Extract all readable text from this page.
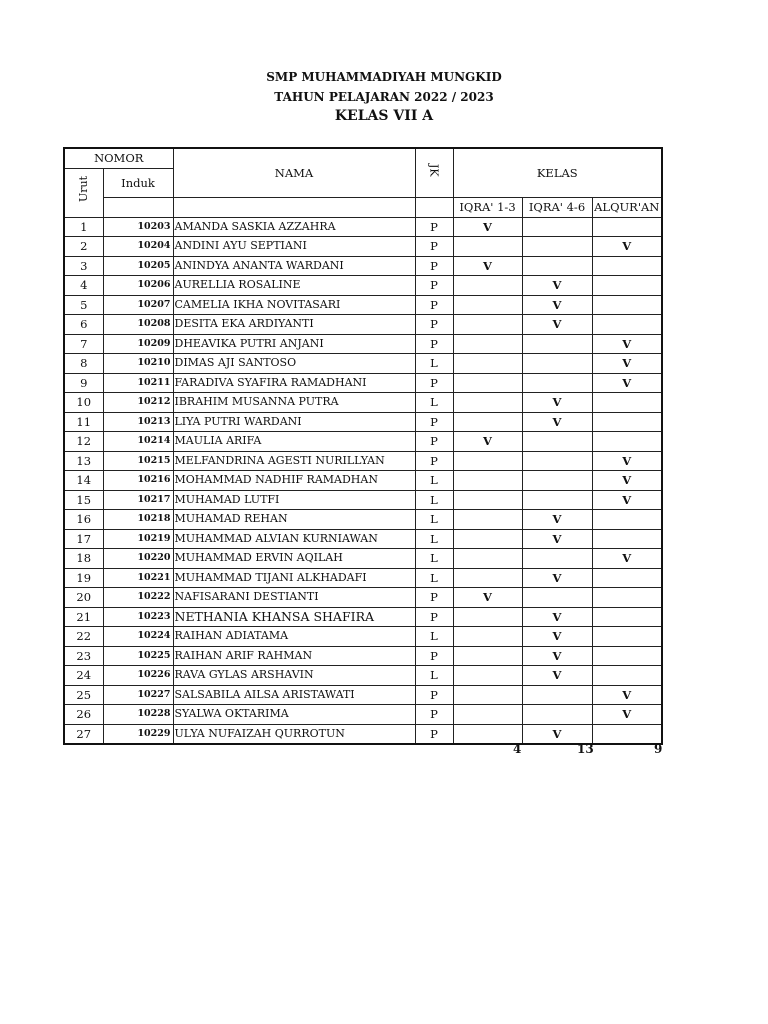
SMP MUHAMMADIYAH MUNGKID
TAHUN PELAJARAN 2022 / 2023
KELAS VII A
NOMOR		NAMA	JK	KELAS		
Urut	Induk					
				IQRA' 1-3	IQRA' 4-6	ALQUR'AN
1	10203	AMANDA SASKIA AZZAHRA	P	V		
2	10204	ANDINI AYU SEPTIANI	P			V
3	10205	ANINDYA ANANTA WARDANI	P	V		
4	10206	AURELLIA ROSALINE	P		V	
5	10207	CAMELIA IKHA NOVITASARI	P		V	
6	10208	DESITA EKA ARDIYANTI	P		V	
7	10209	DHEAVIKA PUTRI ANJANI	P			V
8	10210	DIMAS AJI SANTOSO	L			V
9	10211	FARADIVA SYAFIRA RAMADHANI	P			V
10	10212	IBRAHIM MUSANNA PUTRA	L		V	
11	10213	LIYA PUTRI WARDANI	P		V	
12	10214	MAULIA ARIFA	P	V		
13	10215	MELFANDRINA AGESTI NURILLYAN	P			V
14	10216	MOHAMMAD NADHIF RAMADHAN	L			V
15	10217	MUHAMAD LUTFI	L			V
16	10218	MUHAMAD REHAN	L		V	
17	10219	MUHAMMAD ALVIAN KURNIAWAN	L		V	
18	10220	MUHAMMAD ERVIN AQILAH	L			V
19	10221	MUHAMMAD TIJANI ALKHADAFI	L		V	
20	10222	NAFISARANI DESTIANTI	P	V		
21	10223	NETHANIA KHANSA SHAFIRA	P		V	
22	10224	RAIHAN ADIATAMA	L		V	
23	10225	RAIHAN ARIF RAHMAN	P		V	
24	10226	RAVA GYLAS ARSHAVIN	L		V	
25	10227	SALSABILA AILSA ARISTAWATI	P			V
26	10228	SYALWA OKTARIMA	P			V
27	10229	ULYA NUFAIZAH QURROTUN	P		V	
4	13	9
